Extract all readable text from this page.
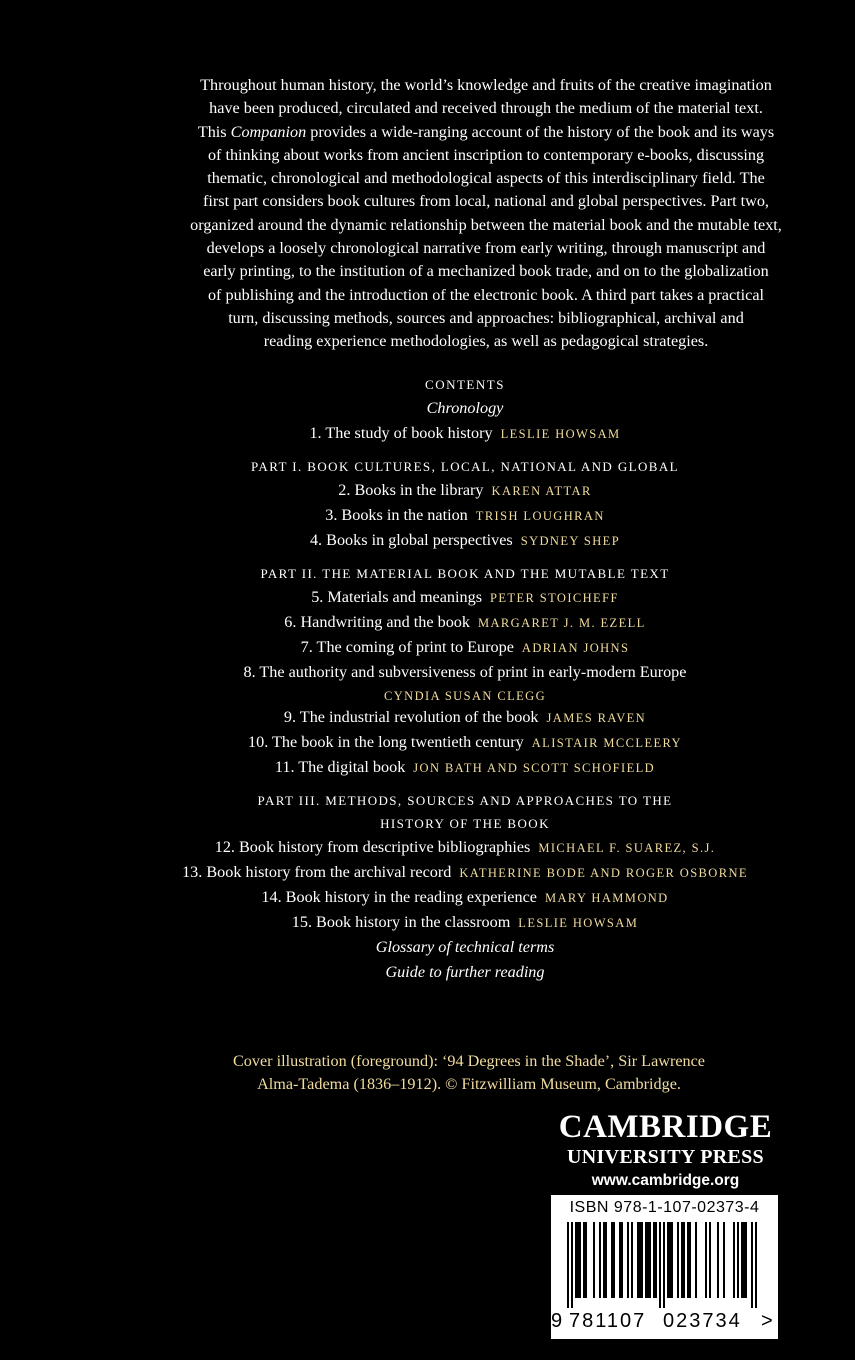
Throughout human history, the world’s knowledge and fruits of the creative imagination
have been produced, circulated and received through the medium of the material text.
This Companion provides a wide-ranging account of the history of the book and its ways
of thinking about works from ancient inscription to contemporary e-books, discussing
thematic, chronological and methodological aspects of this interdisciplinary field. The
first part considers book cultures from local, national and global perspectives. Part two,
organized around the dynamic relationship between the material book and the mutable text,
develops a loosely chronological narrative from early writing, through manuscript and
early printing, to the institution of a mechanized book trade, and on to the globalization
of publishing and the introduction of the electronic book. A third part takes a practical
turn, discussing methods, sources and approaches: bibliographical, archival and
reading experience methodologies, as well as pedagogical strategies.
CONTENTS
Chronology
1. The study of book history LESLIE HOWSAM
PART I. BOOK CULTURES, LOCAL, NATIONAL AND GLOBAL
2. Books in the library KAREN ATTAR
3. Books in the nation TRISH LOUGHRAN
4. Books in global perspectives SYDNEY SHEP
PART II. THE MATERIAL BOOK AND THE MUTABLE TEXT
5. Materials and meanings PETER STOICHEFF
6. Handwriting and the book MARGARET J. M. EZELL
7. The coming of print to Europe ADRIAN JOHNS
8. The authority and subversiveness of print in early-modern Europe
CYNDIA SUSAN CLEGG
9. The industrial revolution of the book JAMES RAVEN
10. The book in the long twentieth century ALISTAIR MCCLEERY
11. The digital book JON BATH AND SCOTT SCHOFIELD
PART III. METHODS, SOURCES AND APPROACHES TO THE
HISTORY OF THE BOOK
12. Book history from descriptive bibliographies MICHAEL F. SUAREZ, S.J.
13. Book history from the archival record KATHERINE BODE AND ROGER OSBORNE
14. Book history in the reading experience MARY HAMMOND
15. Book history in the classroom LESLIE HOWSAM
Glossary of technical terms
Guide to further reading
Cover illustration (foreground): ‘94 Degrees in the Shade’, Sir Lawrence
Alma-Tadema (1836–1912). © Fitzwilliam Museum, Cambridge.
CAMBRIDGE
UNIVERSITY PRESS
www.cambridge.org
ISBN 978-1-107-02373-4
9 781107 023734 >
